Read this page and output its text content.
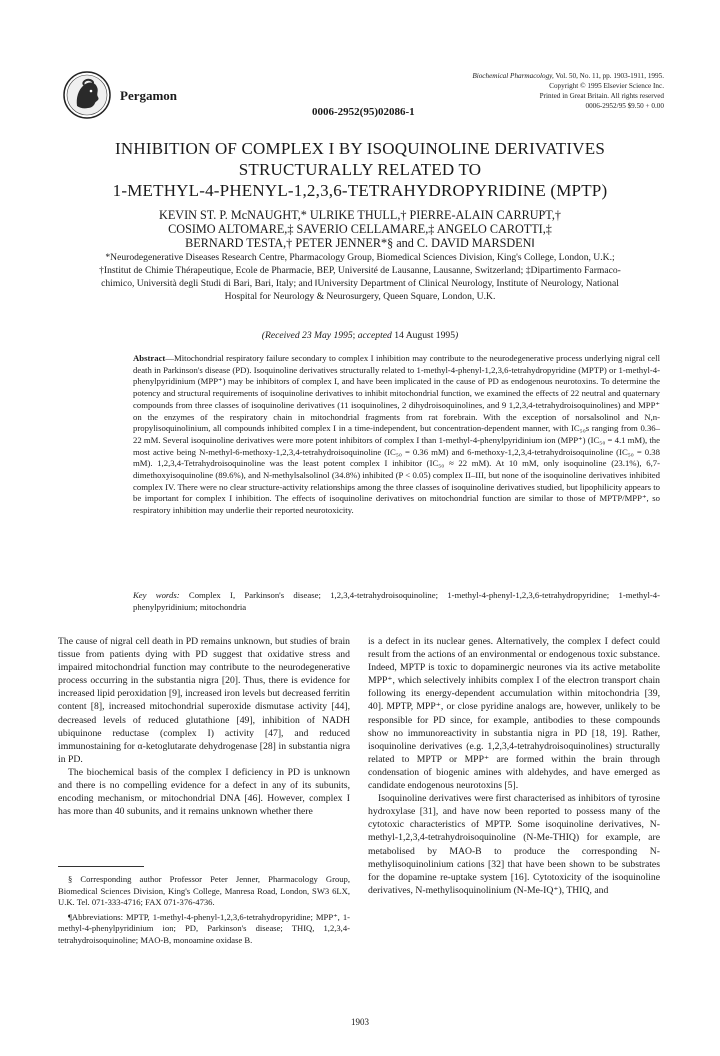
Pergamon
0006-2952(95)02086-1
Biochemical Pharmacology, Vol. 50, No. 11, pp. 1903-1911, 1995.
Copyright © 1995 Elsevier Science Inc.
Printed in Great Britain. All rights reserved
0006-2952/95 $9.50 + 0.00
INHIBITION OF COMPLEX I BY ISOQUINOLINE DERIVATIVES
STRUCTURALLY RELATED TO
1-METHYL-4-PHENYL-1,2,3,6-TETRAHYDROPYRIDINE (MPTP)
KEVIN ST. P. McNAUGHT,* ULRIKE THULL,† PIERRE-ALAIN CARRUPT,†
COSIMO ALTOMARE,‡ SAVERIO CELLAMARE,‡ ANGELO CAROTTI,‡
BERNARD TESTA,† PETER JENNER*§ and C. DAVID MARSDEN‖
*Neurodegenerative Diseases Research Centre, Pharmacology Group, Biomedical Sciences Division, King's College, London, U.K.; †Institut de Chimie Thérapeutique, Ecole de Pharmacie, BEP, Université de Lausanne, Lausanne, Switzerland; ‡Dipartimento Farmaco-chimico, Università degli Studi di Bari, Bari, Italy; and ‖University Department of Clinical Neurology, Institute of Neurology, National Hospital for Neurology & Neurosurgery, Queen Square, London, U.K.
(Received 23 May 1995; accepted 14 August 1995)
Abstract—Mitochondrial respiratory failure secondary to complex I inhibition may contribute to the neurodegenerative process underlying nigral cell death in Parkinson's disease (PD). Isoquinoline derivatives structurally related to 1-methyl-4-phenyl-1,2,3,6-tetrahydropyridine (MPTP) or 1-methyl-4-phenylpyridinium (MPP⁺) may be inhibitors of complex I, and have been implicated in the cause of PD as endogenous neurotoxins. To determine the potency and structural requirements of isoquinoline derivatives to inhibit mitochondrial function, we examined the effects of 22 neutral and quaternary compounds from three classes of isoquinoline derivatives (11 isoquinolines, 2 dihydroisoquinolines, and 9 1,2,3,4-tetrahydroisoquinolines) and MPP⁺ on the enzymes of the respiratory chain in mitochondrial fragments from rat forebrain. With the exception of norsalsolinol and N,n-propylisoquinolinium, all compounds inhibited complex I in a time-independent, but concentration-dependent manner, with IC₅₀s ranging from 0.36–22 mM. Several isoquinoline derivatives were more potent inhibitors of complex I than 1-methyl-4-phenylpyridinium ion (MPP⁺) (IC₅₀ = 4.1 mM), the most active being N-methyl-6-methoxy-1,2,3,4-tetrahydroisoquinoline (IC₅₀ = 0.36 mM) and 6-methoxy-1,2,3,4-tetrahydroisoquinoline (IC₅₀ = 0.38 mM). 1,2,3,4-Tetrahydroisoquinoline was the least potent complex I inhibitor (IC₅₀ ≈ 22 mM). At 10 mM, only isoquinoline (23.1%), 6,7-dimethoxyisoquinoline (89.6%), and N-methylsalsolinol (34.8%) inhibited (P < 0.05) complex II–III, but none of the isoquinoline derivatives inhibited complex IV. There were no clear structure-activity relationships among the three classes of isoquinoline derivatives studied, but lipophilicity appears to be important for complex I inhibition. The effects of isoquinoline derivatives on mitochondrial function are similar to those of MPTP/MPP⁺, so respiratory inhibition may underlie their reported neurotoxicity.
Key words: Complex I, Parkinson's disease; 1,2,3,4-tetrahydroisoquinoline; 1-methyl-4-phenyl-1,2,3,6-tetrahydropyridine; 1-methyl-4-phenylpyridinium; mitochondria

The cause of nigral cell death in PD remains unknown, but studies of brain tissue from patients dying with PD suggest that oxidative stress and impaired mitochondrial function may contribute to the neurodegenerative process occurring in the substantia nigra [20]. Thus, there is evidence for increased lipid peroxidation [9], increased iron levels but decreased ferritin content [8], increased mitochondrial superoxide dismutase activity [44], decreased levels of reduced glutathione [49], inhibition of NADH ubiquinone reductase (complex I) activity [47], and reduced immunostaining for α-ketoglutarate dehydrogenase [28] in substantia nigra in PD.

The biochemical basis of the complex I deficiency in PD is unknown and there is no compelling evidence for a defect in any of its subunits, encoding mechanism, or mitochondrial DNA [46]. However, complex I has more than 40 subunits, and it remains unknown whether there

is a defect in its nuclear genes. Alternatively, the complex I defect could result from the actions of an environmental or endogenous toxic substance. Indeed, MPTP is toxic to dopaminergic neurones via its active metabolite MPP⁺, which selectively inhibits complex I of the electron transport chain following its energy-dependent accumulation within mitochondria [39, 40]. MPTP, MPP⁺, or close pyridine analogs are, however, unlikely to be responsible for PD since, for example, antibodies to these compounds show no immunoreactivity in substantia nigra in PD [18, 19]. Rather, isoquinoline derivatives (e.g. 1,2,3,4-tetrahydroisoquinolines) structurally related to MPTP or MPP⁺ are formed within the brain through condensation of biogenic amines with aldehydes, and have emerged as candidate endogenous neurotoxins [5].

Isoquinoline derivatives were first characterised as inhibitors of tyrosine hydroxylase [31], and have now been reported to possess many of the cytotoxic characteristics of MPTP. Some isoquinoline derivatives, N-methyl-1,2,3,4-tetrahydroisoquinoline (N-Me-THIQ) for example, are metabolised by MAO-B to produce the corresponding N-methylisoquinolinium cations [32] that have been shown to be substrates for the dopamine re-uptake system [16]. Cytotoxicity of the isoquinoline derivatives, N-methylisoquinolinium (N-Me-IQ⁺), THIQ, and

§ Corresponding author Professor Peter Jenner, Pharmacology Group, Biomedical Sciences Division, King's College, Manresa Road, London, SW3 6LX, U.K. Tel. 071-333-4716; FAX 071-376-4736.

¶Abbreviations: MPTP, 1-methyl-4-phenyl-1,2,3,6-tetrahydropyridine; MPP⁺, 1-methyl-4-phenylpyridinium ion; PD, Parkinson's disease; THIQ, 1,2,3,4-tetrahydroisoquinoline; MAO-B, monoamine oxidase B.

1903
